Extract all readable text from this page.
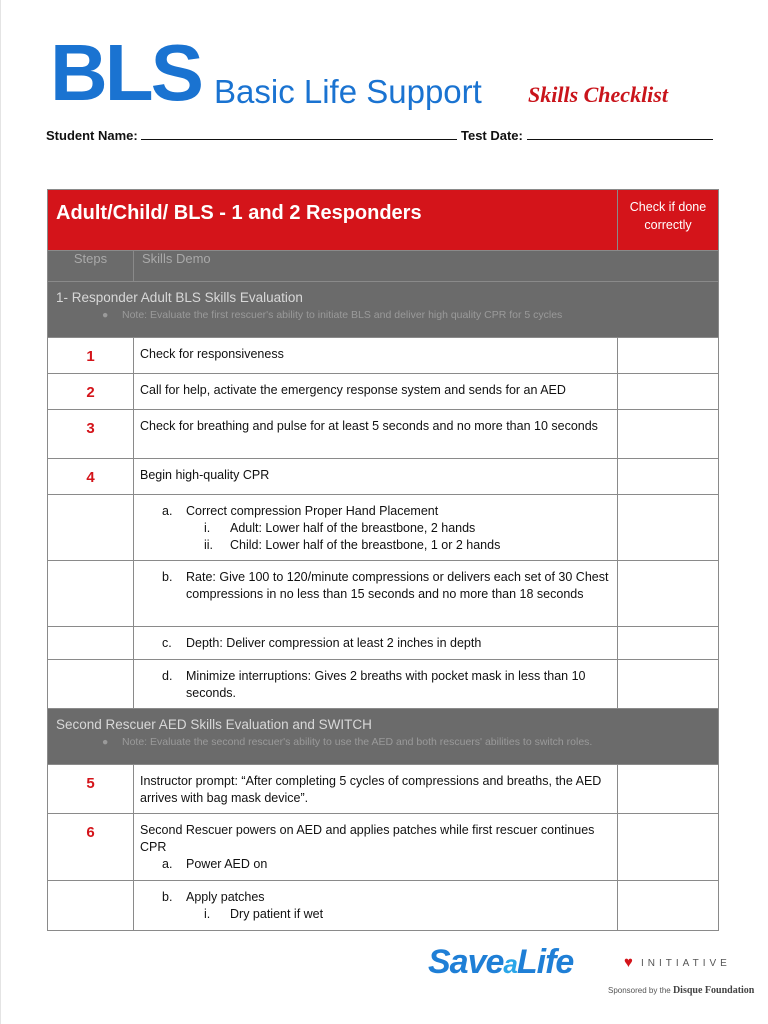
BLS Basic Life Support Skills Checklist
Student Name:	Test Date:
Adult/Child/ BLS - 1 and 2 Responders		Check if done correctly
Steps	Skills Demo	

1- Responder Adult BLS Skills Evaluation
● Note: Evaluate the first rescuer's ability to initiate BLS and deliver high quality CPR for 5 cycles		

1	Check for responsiveness	
2	Call for help, activate the emergency response system and sends for an AED	
3	Check for breathing and pulse for at least 5 seconds and no more than 10 seconds	
4	Begin high-quality CPR	

	a. Correct compression Proper Hand Placement
i. Adult: Lower half of the breastbone, 2 hands
ii. Child: Lower half of the breastbone, 1 or 2 hands	

	b. Rate: Give 100 to 120/minute compressions or delivers each set of 30 Chest compressions in no less than 15 seconds and no more than 18 seconds	

	c. Depth: Deliver compression at least 2 inches in depth	

	d. Minimize interruptions: Gives 2 breaths with pocket mask in less than 10 seconds.	

Second Rescuer AED Skills Evaluation and SWITCH
● Note: Evaluate the second rescuer's ability to use the AED and both rescuers' abilities to switch roles.		

5	Instructor prompt: “After completing 5 cycles of compressions and breaths, the AED arrives with bag mask device”.	
6	Second Rescuer powers on AED and applies patches while first rescuer continues CPR
a. Power AED on	

	b. Apply patches
i. Dry patient if wet	

SaveaLife	♥ INITIATIVE
Sponsored by the Disque Foundation
